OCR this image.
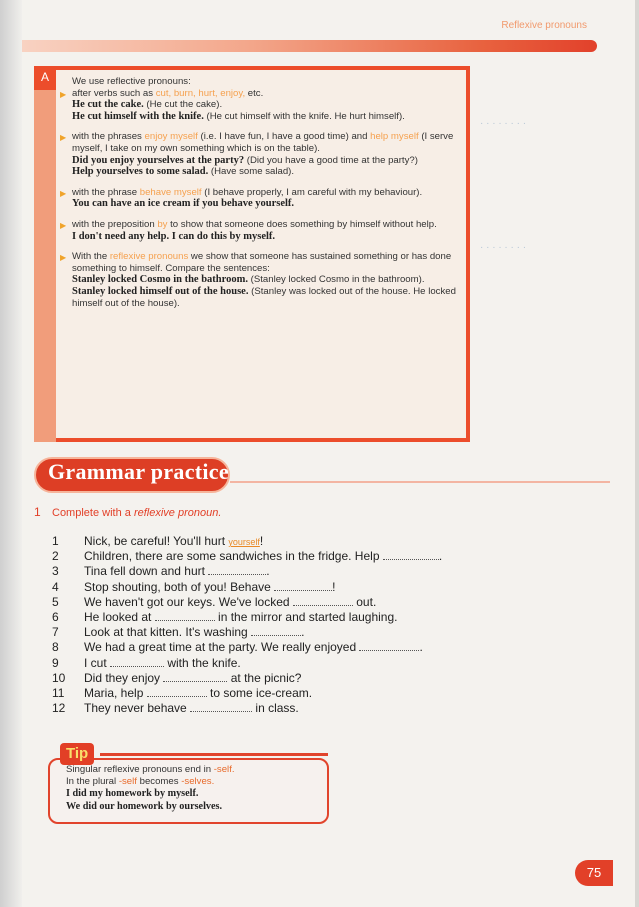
Reflexive pronouns
· · · · · · · ·
· · · · · · · ·
A	We use reflective pronouns:

▶ after verbs such as cut, burn, hurt, enjoy, etc.

He cut the cake. (He cut the cake).

He cut himself with the knife. (He cut himself with the knife. He hurt himself).

▶ with the phrases enjoy myself (i.e. I have fun, I have a good time) and help myself (I serve myself, I take on my own something which is on the table).

Did you enjoy yourselves at the party? (Did you have a good time at the party?)

Help yourselves to some salad. (Have some salad).

▶ with the phrase behave myself (I behave properly, I am careful with my behaviour).

You can have an ice cream if you behave yourself.

▶ with the preposition by to show that someone does something by himself without help.

I don't need any help. I can do this by myself.

▶ With the reflexive pronouns we show that someone has sustained something or has done something to himself. Compare the sentences:

Stanley locked Cosmo in the bathroom. (Stanley locked Cosmo in the bathroom).

Stanley locked himself out of the house. (Stanley was locked out of the house. He locked himself out of the house).

Grammar practice
1 Complete with a reflexive pronoun.
1	Nick, be careful! You'll hurt yourself!
2	Children, there are some sandwiches in the fridge. Help	.
3	Tina fell down and hurt	.
4	Stop shouting, both of you! Behave	!
5	We haven't got our keys. We've locked	out.
6	He looked at	in the mirror and started laughing.
7	Look at that kitten. It's washing	.
8	We had a great time at the party. We really enjoyed	.
9	I cut	with the knife.
10	Did they enjoy	at the picnic?
11	Maria, help	to some ice-cream.
12	They never behave	in class.
Tip

Singular reflexive pronouns end in -self.

In the plural -self becomes -selves.

I did my homework by myself.

We did our homework by ourselves.

75
